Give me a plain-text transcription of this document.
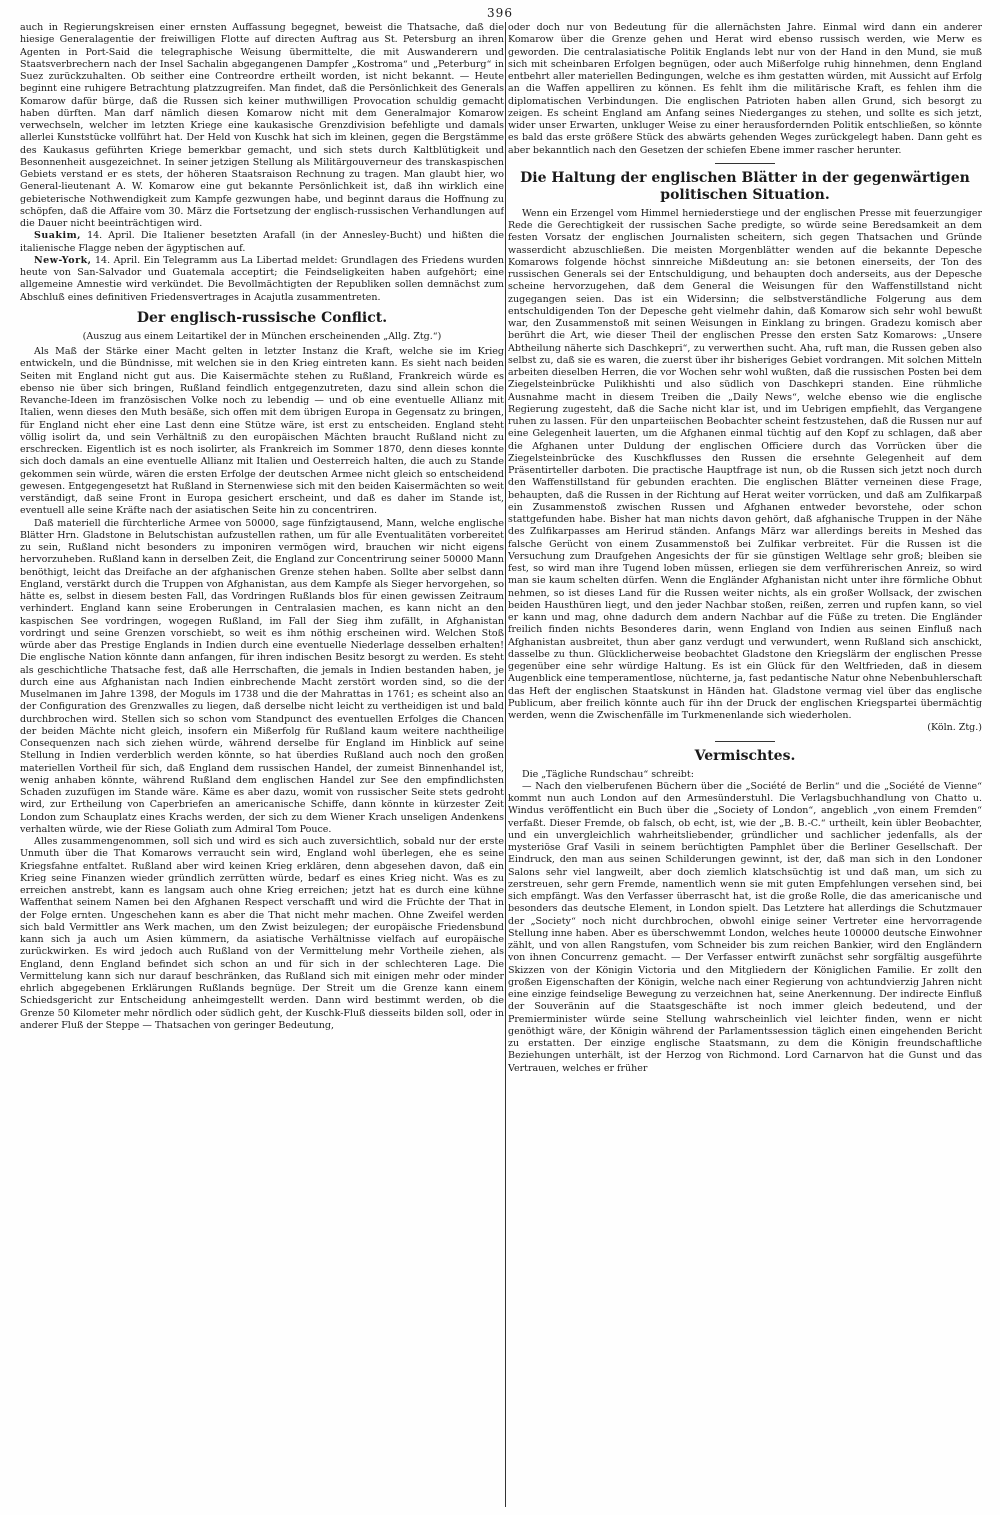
396

auch in Regierungskreisen einer ernsten Auffassung begegnet, beweist die Thatsache, daß die hiesige Generalagentie der freiwilligen Flotte auf directen Auftrag aus St. Petersburg an ihren Agenten in Port-Said die telegraphische Weisung übermittelte, die mit Auswanderern und Staatsverbrechern nach der Insel Sachalin abgegangenen Dampfer „Kostroma“ und „Peterburg“ in Suez zurückzuhalten. Ob seither eine Contreordre ertheilt worden, ist nicht bekannt. — Heute beginnt eine ruhigere Betrachtung platzzugreifen. Man findet, daß die Persönlichkeit des Generals Komarow dafür bürge, daß die Russen sich keiner muthwilligen Provocation schuldig gemacht haben dürften. Man darf nämlich diesen Komarow nicht mit dem Generalmajor Komarow verwechseln, welcher im letzten Kriege eine kaukasische Grenzdivision befehligte und damals allerlei Kunststücke vollführt hat. Der Held von Kuschk hat sich im kleinen, gegen die Bergstämme des Kaukasus geführten Kriege bemerkbar gemacht, und sich stets durch Kaltblütigkeit und Besonnenheit ausgezeichnet. In seiner jetzigen Stellung als Militärgouverneur des transkaspischen Gebiets verstand er es stets, der höheren Staatsraison Rechnung zu tragen. Man glaubt hier, wo General-lieutenant A. W. Komarow eine gut bekannte Persönlichkeit ist, daß ihn wirklich eine gebieterische Nothwendigkeit zum Kampfe gezwungen habe, und beginnt daraus die Hoffnung zu schöpfen, daß die Affaire vom 30. März die Fortsetzung der englisch-russischen Verhandlungen auf die Dauer nicht beeinträchtigen wird.

Suakim, 14. April. Die Italiener besetzten Arafall (in der Annesley-Bucht) und hißten die italienische Flagge neben der ägyptischen auf.

New-York, 14. April. Ein Telegramm aus La Libertad meldet: Grundlagen des Friedens wurden heute von San-Salvador und Guatemala acceptirt; die Feindseligkeiten haben aufgehört; eine allgemeine Amnestie wird verkündet. Die Bevollmächtigten der Republiken sollen demnächst zum Abschluß eines definitiven Friedensvertrages in Acajutla zusammentreten.

Der englisch-russische Conflict.

(Auszug aus einem Leitartikel der in München erscheinenden „Allg. Ztg.“)

Als Maß der Stärke einer Macht gelten in letzter Instanz die Kraft, welche sie im Krieg entwickeln, und die Bündnisse, mit welchen sie in den Krieg eintreten kann. Es sieht nach beiden Seiten mit England nicht gut aus. Die Kaisermächte stehen zu Rußland, Frankreich würde es ebenso nie über sich bringen, Rußland feindlich entgegenzutreten, dazu sind allein schon die Revanche-Ideen im französischen Volke noch zu lebendig — und ob eine eventuelle Allianz mit Italien, wenn dieses den Muth besäße, sich offen mit dem übrigen Europa in Gegensatz zu bringen, für England nicht eher eine Last denn eine Stütze wäre, ist erst zu entscheiden. England steht völlig isolirt da, und sein Verhältniß zu den europäischen Mächten braucht Rußland nicht zu erschrecken. Eigentlich ist es noch isolirter, als Frankreich im Sommer 1870, denn dieses konnte sich doch damals an eine eventuelle Allianz mit Italien und Oesterreich halten, die auch zu Stande gekommen sein würde, wären die ersten Erfolge der deutschen Armee nicht gleich so entscheidend gewesen. Entgegengesetzt hat Rußland in Sternenwiese sich mit den beiden Kaisermächten so weit verständigt, daß seine Front in Europa gesichert erscheint, und daß es daher im Stande ist, eventuell alle seine Kräfte nach der asiatischen Seite hin zu concentriren.

Daß materiell die fürchterliche Armee von 50000, sage fünfzigtausend, Mann, welche englische Blätter Hrn. Gladstone in Belutschistan aufzustellen rathen, um für alle Eventualitäten vorbereitet zu sein, Rußland nicht besonders zu imponiren vermögen wird, brauchen wir nicht eigens hervorzuheben. Rußland kann in derselben Zeit, die England zur Concentrirung seiner 50000 Mann benöthigt, leicht das Dreifache an der afghanischen Grenze stehen haben. Sollte aber selbst dann England, verstärkt durch die Truppen von Afghanistan, aus dem Kampfe als Sieger hervorgehen, so hätte es, selbst in diesem besten Fall, das Vordringen Rußlands blos für einen gewissen Zeitraum verhindert. England kann seine Eroberungen in Centralasien machen, es kann nicht an den kaspischen See vordringen, wogegen Rußland, im Fall der Sieg ihm zufällt, in Afghanistan vordringt und seine Grenzen vorschiebt, so weit es ihm nöthig erscheinen wird. Welchen Stoß würde aber das Prestige Englands in Indien durch eine eventuelle Niederlage desselben erhalten! Die englische Nation könnte dann anfangen, für ihren indischen Besitz besorgt zu werden. Es steht als geschichtliche Thatsache fest, daß alle Herrschaften, die jemals in Indien bestanden haben, je durch eine aus Afghanistan nach Indien einbrechende Macht zerstört worden sind, so die der Muselmanen im Jahre 1398, der Moguls im 1738 und die der Mahrattas in 1761; es scheint also an der Configuration des Grenzwalles zu liegen, daß derselbe nicht leicht zu vertheidigen ist und bald durchbrochen wird. Stellen sich so schon vom Standpunct des eventuellen Erfolges die Chancen der beiden Mächte nicht gleich, insofern ein Mißerfolg für Rußland kaum weitere nachtheilige Consequenzen nach sich ziehen würde, während derselbe für England im Hinblick auf seine Stellung in Indien verderblich werden könnte, so hat überdies Rußland auch noch den großen materiellen Vortheil für sich, daß England dem russischen Handel, der zumeist Binnenhandel ist, wenig anhaben könnte, während Rußland dem englischen Handel zur See den empfindlichsten Schaden zuzufügen im Stande wäre. Käme es aber dazu, womit von russischer Seite stets gedroht wird, zur Ertheilung von Caperbriefen an americanische Schiffe, dann könnte in kürzester Zeit London zum Schauplatz eines Krachs werden, der sich zu dem Wiener Krach unseligen Andenkens verhalten würde, wie der Riese Goliath zum Admiral Tom Pouce.

Alles zusammengenommen, soll sich und wird es sich auch zuversichtlich, sobald nur der erste Unmuth über die That Komarows verraucht sein wird, England wohl überlegen, ehe es seine Kriegsfahne entfaltet. Rußland aber wird keinen Krieg erklären, denn abgesehen davon, daß ein Krieg seine Finanzen wieder gründlich zerrütten würde, bedarf es eines Krieg nicht. Was es zu erreichen anstrebt, kann es langsam auch ohne Krieg erreichen; jetzt hat es durch eine kühne Waffenthat seinem Namen bei den Afghanen Respect verschafft und wird die Früchte der That in der Folge ernten. Ungeschehen kann es aber die That nicht mehr machen. Ohne Zweifel werden sich bald Vermittler ans Werk machen, um den Zwist beizulegen; der europäische Friedensbund kann sich ja auch um Asien kümmern, da asiatische Verhältnisse vielfach auf europäische zurückwirken. Es wird jedoch auch Rußland von der Vermittelung mehr Vortheile ziehen, als England, denn England befindet sich schon an und für sich in der schlechteren Lage. Die Vermittelung kann sich nur darauf beschränken, das Rußland sich mit einigen mehr oder minder ehrlich abgegebenen Erklärungen Rußlands begnüge. Der Streit um die Grenze kann einem Schiedsgericht zur Entscheidung anheimgestellt werden. Dann wird bestimmt werden, ob die Grenze 50 Kilometer mehr nördlich oder südlich geht, der Kuschk-Fluß diesseits bilden soll, oder in anderer Fluß der Steppe — Thatsachen von geringer Bedeutung,

oder doch nur von Bedeutung für die allernächsten Jahre. Einmal wird dann ein anderer Komarow über die Grenze gehen und Herat wird ebenso russisch werden, wie Merw es geworden. Die centralasiatische Politik Englands lebt nur von der Hand in den Mund, sie muß sich mit scheinbaren Erfolgen begnügen, oder auch Mißerfolge ruhig hinnehmen, denn England entbehrt aller materiellen Bedingungen, welche es ihm gestatten würden, mit Aussicht auf Erfolg an die Waffen appelliren zu können. Es fehlt ihm die militärische Kraft, es fehlen ihm die diplomatischen Verbindungen. Die englischen Patrioten haben allen Grund, sich besorgt zu zeigen. Es scheint England am Anfang seines Niederganges zu stehen, und sollte es sich jetzt, wider unser Erwarten, unkluger Weise zu einer herausfordernden Politik entschließen, so könnte es bald das erste größere Stück des abwärts gehenden Weges zurückgelegt haben. Dann geht es aber bekanntlich nach den Gesetzen der schiefen Ebene immer rascher herunter.

Die Haltung der englischen Blätter in der gegenwärtigen politischen Situation.

Wenn ein Erzengel vom Himmel herniederstiege und der englischen Presse mit feuerzungiger Rede die Gerechtigkeit der russischen Sache predigte, so würde seine Beredsamkeit an dem festen Vorsatz der englischen Journalisten scheitern, sich gegen Thatsachen und Gründe wasserdicht abzuschließen. Die meisten Morgenblätter wenden auf die bekannte Depesche Komarows folgende höchst sinnreiche Mißdeutung an: sie betonen einerseits, der Ton des russischen Generals sei der Entschuldigung, und behaupten doch anderseits, aus der Depesche scheine hervorzugehen, daß dem General die Weisungen für den Waffenstillstand nicht zugegangen seien. Das ist ein Widersinn; die selbstverständliche Folgerung aus dem entschuldigenden Ton der Depesche geht vielmehr dahin, daß Komarow sich sehr wohl bewußt war, den Zusammenstoß mit seinen Weisungen in Einklang zu bringen. Gradezu komisch aber berührt die Art, wie dieser Theil der englischen Presse den ersten Satz Komarows: „Unsere Abtheilung näherte sich Daschkepri“, zu verwerthen sucht. Aha, ruft man, die Russen geben also selbst zu, daß sie es waren, die zuerst über ihr bisheriges Gebiet vordrangen. Mit solchen Mitteln arbeiten dieselben Herren, die vor Wochen sehr wohl wußten, daß die russischen Posten bei dem Ziegelsteinbrücke Pulikhishti und also südlich von Daschkepri standen. Eine rühmliche Ausnahme macht in diesem Treiben die „Daily News“, welche ebenso wie die englische Regierung zugesteht, daß die Sache nicht klar ist, und im Uebrigen empfiehlt, das Vergangene ruhen zu lassen. Für den unparteiischen Beobachter scheint festzustehen, daß die Russen nur auf eine Gelegenheit lauerten, um die Afghanen einmal tüchtig auf den Kopf zu schlagen, daß aber die Afghanen unter Duldung der englischen Officiere durch das Vorrücken über die Ziegelsteinbrücke des Kuschkflusses den Russen die ersehnte Gelegenheit auf dem Präsentirteller darboten. Die practische Hauptfrage ist nun, ob die Russen sich jetzt noch durch den Waffenstillstand für gebunden erachten. Die englischen Blätter verneinen diese Frage, behaupten, daß die Russen in der Richtung auf Herat weiter vorrücken, und daß am Zulfikarpaß ein Zusammenstoß zwischen Russen und Afghanen entweder bevorstehe, oder schon stattgefunden habe. Bisher hat man nichts davon gehört, daß afghanische Truppen in der Nähe des Zulfikarpasses am Herirud ständen. Anfangs März war allerdings bereits in Meshed das falsche Gerücht von einem Zusammenstoß bei Zulfikar verbreitet. Für die Russen ist die Versuchung zum Draufgehen Angesichts der für sie günstigen Weltlage sehr groß; bleiben sie fest, so wird man ihre Tugend loben müssen, erliegen sie dem verführerischen Anreiz, so wird man sie kaum schelten dürfen. Wenn die Engländer Afghanistan nicht unter ihre förmliche Obhut nehmen, so ist dieses Land für die Russen weiter nichts, als ein großer Wollsack, der zwischen beiden Hausthüren liegt, und den jeder Nachbar stoßen, reißen, zerren und rupfen kann, so viel er kann und mag, ohne dadurch dem andern Nachbar auf die Füße zu treten. Die Engländer freilich finden nichts Besonderes darin, wenn England von Indien aus seinen Einfluß nach Afghanistan ausbreitet, thun aber ganz verdugt und verwundert, wenn Rußland sich anschickt, dasselbe zu thun. Glücklicherweise beobachtet Gladstone den Kriegslärm der englischen Presse gegenüber eine sehr würdige Haltung. Es ist ein Glück für den Weltfrieden, daß in diesem Augenblick eine temperamentlose, nüchterne, ja, fast pedantische Natur ohne Nebenbuhlerschaft das Heft der englischen Staatskunst in Händen hat. Gladstone vermag viel über das englische Publicum, aber freilich könnte auch für ihn der Druck der englischen Kriegspartei übermächtig werden, wenn die Zwischenfälle im Turkmenenlande sich wiederholen.

(Köln. Ztg.)

Vermischtes.

Die „Tägliche Rundschau“ schreibt:

— Nach den vielberufenen Büchern über die „Société de Berlin“ und die „Société de Vienne“ kommt nun auch London auf den Armesünderstuhl. Die Verlagsbuchhandlung von Chatto u. Windus veröffentlicht ein Buch über die „Society of London“, angeblich „von einem Fremden“ verfaßt. Dieser Fremde, ob falsch, ob echt, ist, wie der „B. B.-C.“ urtheilt, kein übler Beobachter, und ein unvergleichlich wahrheitsliebender, gründlicher und sachlicher jedenfalls, als der mysteriöse Graf Vasili in seinem berüchtigten Pamphlet über die Berliner Gesellschaft. Der Eindruck, den man aus seinen Schilderungen gewinnt, ist der, daß man sich in den Londoner Salons sehr viel langweilt, aber doch ziemlich klatschsüchtig ist und daß man, um sich zu zerstreuen, sehr gern Fremde, namentlich wenn sie mit guten Empfehlungen versehen sind, bei sich empfängt. Was den Verfasser überrascht hat, ist die große Rolle, die das americanische und besonders das deutsche Element, in London spielt. Das Letztere hat allerdings die Schutzmauer der „Society“ noch nicht durchbrochen, obwohl einige seiner Vertreter eine hervorragende Stellung inne haben. Aber es überschwemmt London, welches heute 100000 deutsche Einwohner zählt, und von allen Rangstufen, vom Schneider bis zum reichen Bankier, wird den Engländern von ihnen Concurrenz gemacht. — Der Verfasser entwirft zunächst sehr sorgfältig ausgeführte Skizzen von der Königin Victoria und den Mitgliedern der Königlichen Familie. Er zollt den großen Eigenschaften der Königin, welche nach einer Regierung von achtundvierzig Jahren nicht eine einzige feindselige Bewegung zu verzeichnen hat, seine Anerkennung. Der indirecte Einfluß der Souveränin auf die Staatsgeschäfte ist noch immer gleich bedeutend, und der Premierminister würde seine Stellung wahrscheinlich viel leichter finden, wenn er nicht genöthigt wäre, der Königin während der Parlamentssession täglich einen eingehenden Bericht zu erstatten. Der einzige englische Staatsmann, zu dem die Königin freundschaftliche Beziehungen unterhält, ist der Herzog von Richmond. Lord Carnarvon hat die Gunst und das Vertrauen, welches er früher
